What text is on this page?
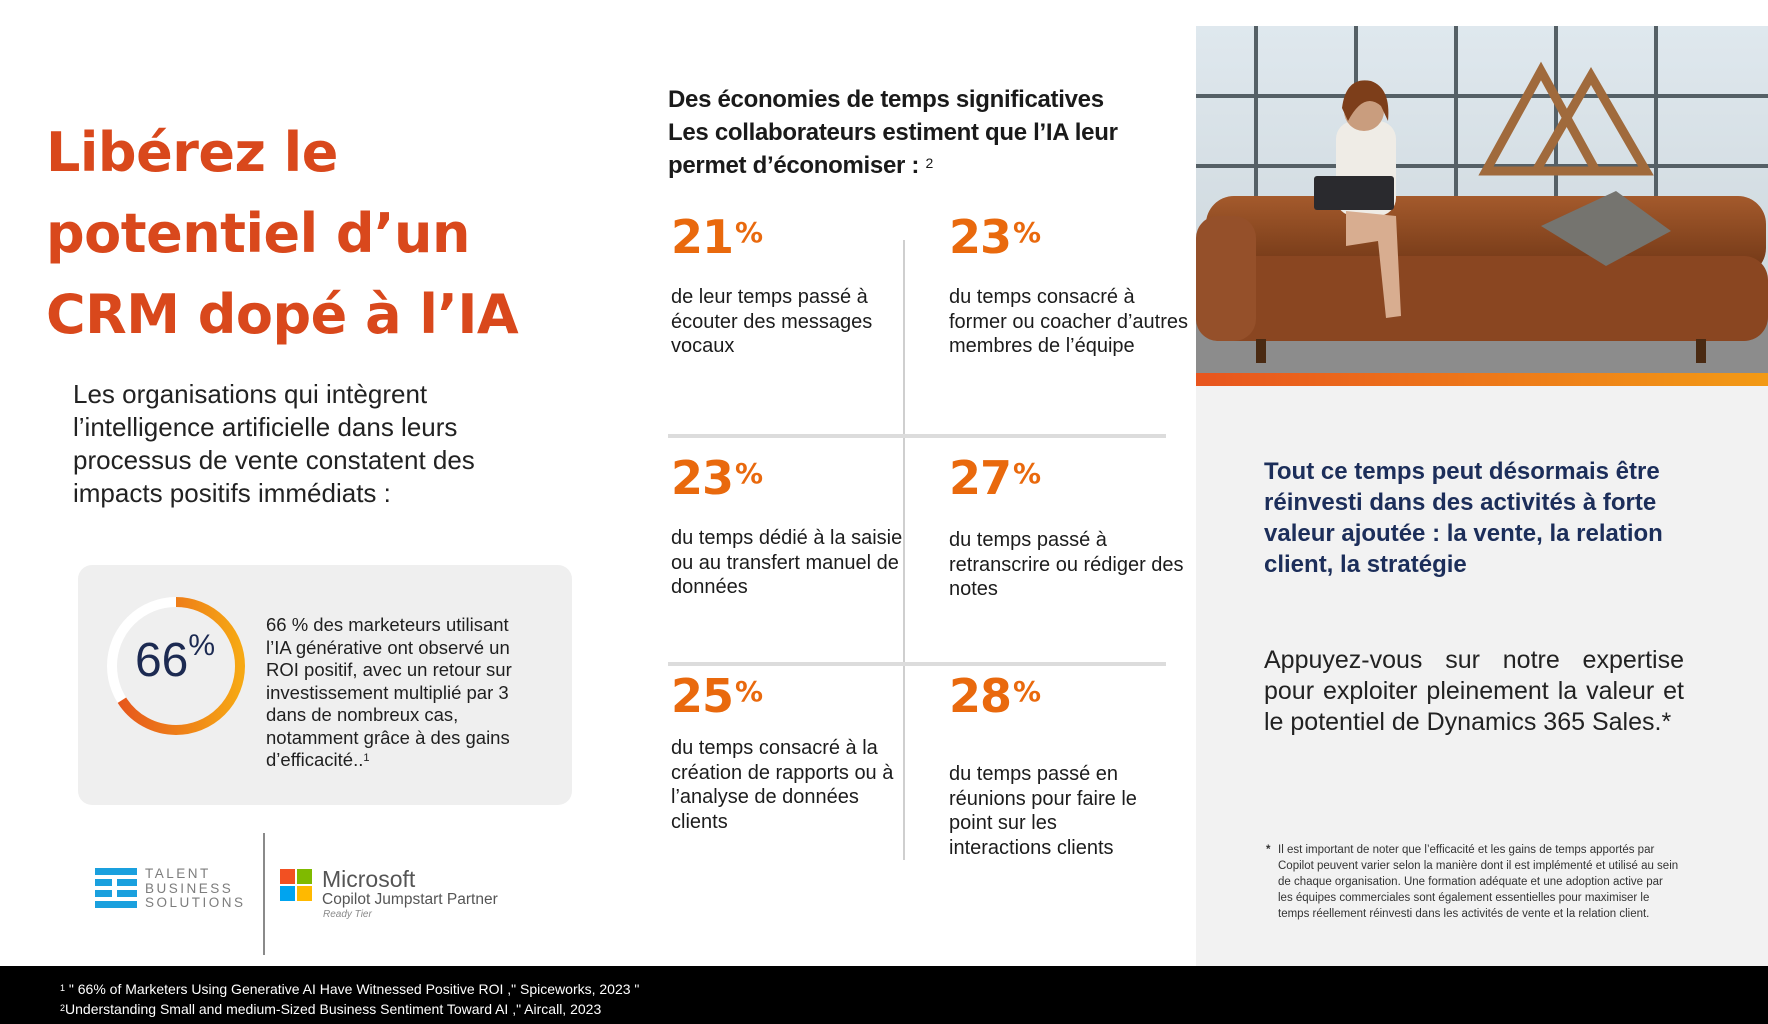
Libérez le
potentiel d’un
CRM dopé à l’IA

Les organisations qui intègrent l’intelligence artificielle dans leurs processus de vente constatent des impacts positifs immédiats :

66%

66 % des marketeurs utilisant l’IA générative ont observé un ROI positif, avec un retour sur investissement multiplié par 3 dans de nombreux cas, notamment grâce à des gains d’efficacité..$^1$

TALENT
BUSINESS
SOLUTIONS
Microsoft
Copilot Jumpstart Partner
Ready Tier
Des économies de temps significatives
Les collaborateurs estiment que l’IA leur
permet d’économiser : $^2$
21%
de leur temps passé à écouter des messages vocaux
23%
du temps consacré à former ou coacher d’autres membres de l’équipe
23%
du temps dédié à la saisie ou au transfert manuel de données
27%
du temps passé à retranscrire ou rédiger des notes
25%
du temps consacré à la création de rapports ou à l’analyse de données clients
28%
du temps passé en réunions pour faire le point sur les interactions clients

Tout ce temps peut désormais être réinvesti dans des activités à forte valeur ajoutée : la vente, la relation client, la stratégie

Appuyez-vous sur notre expertise pour exploiter pleinement la valeur et le potentiel de Dynamics 365 Sales.*

* Il est important de noter que l’efficacité et les gains de temps apportés par Copilot peuvent varier selon la manière dont il est implémenté et utilisé au sein de chaque organisation. Une formation adéquate et une adoption active par les équipes commerciales sont également essentielles pour maximiser le temps réellement réinvesti dans les activités de vente et la relation client.
$^1$ " 66% of Marketers Using Generative AI Have Witnessed Positive ROI ," Spiceworks, 2023 "
$^2$Understanding Small and medium-Sized Business Sentiment Toward AI ," Aircall, 2023
